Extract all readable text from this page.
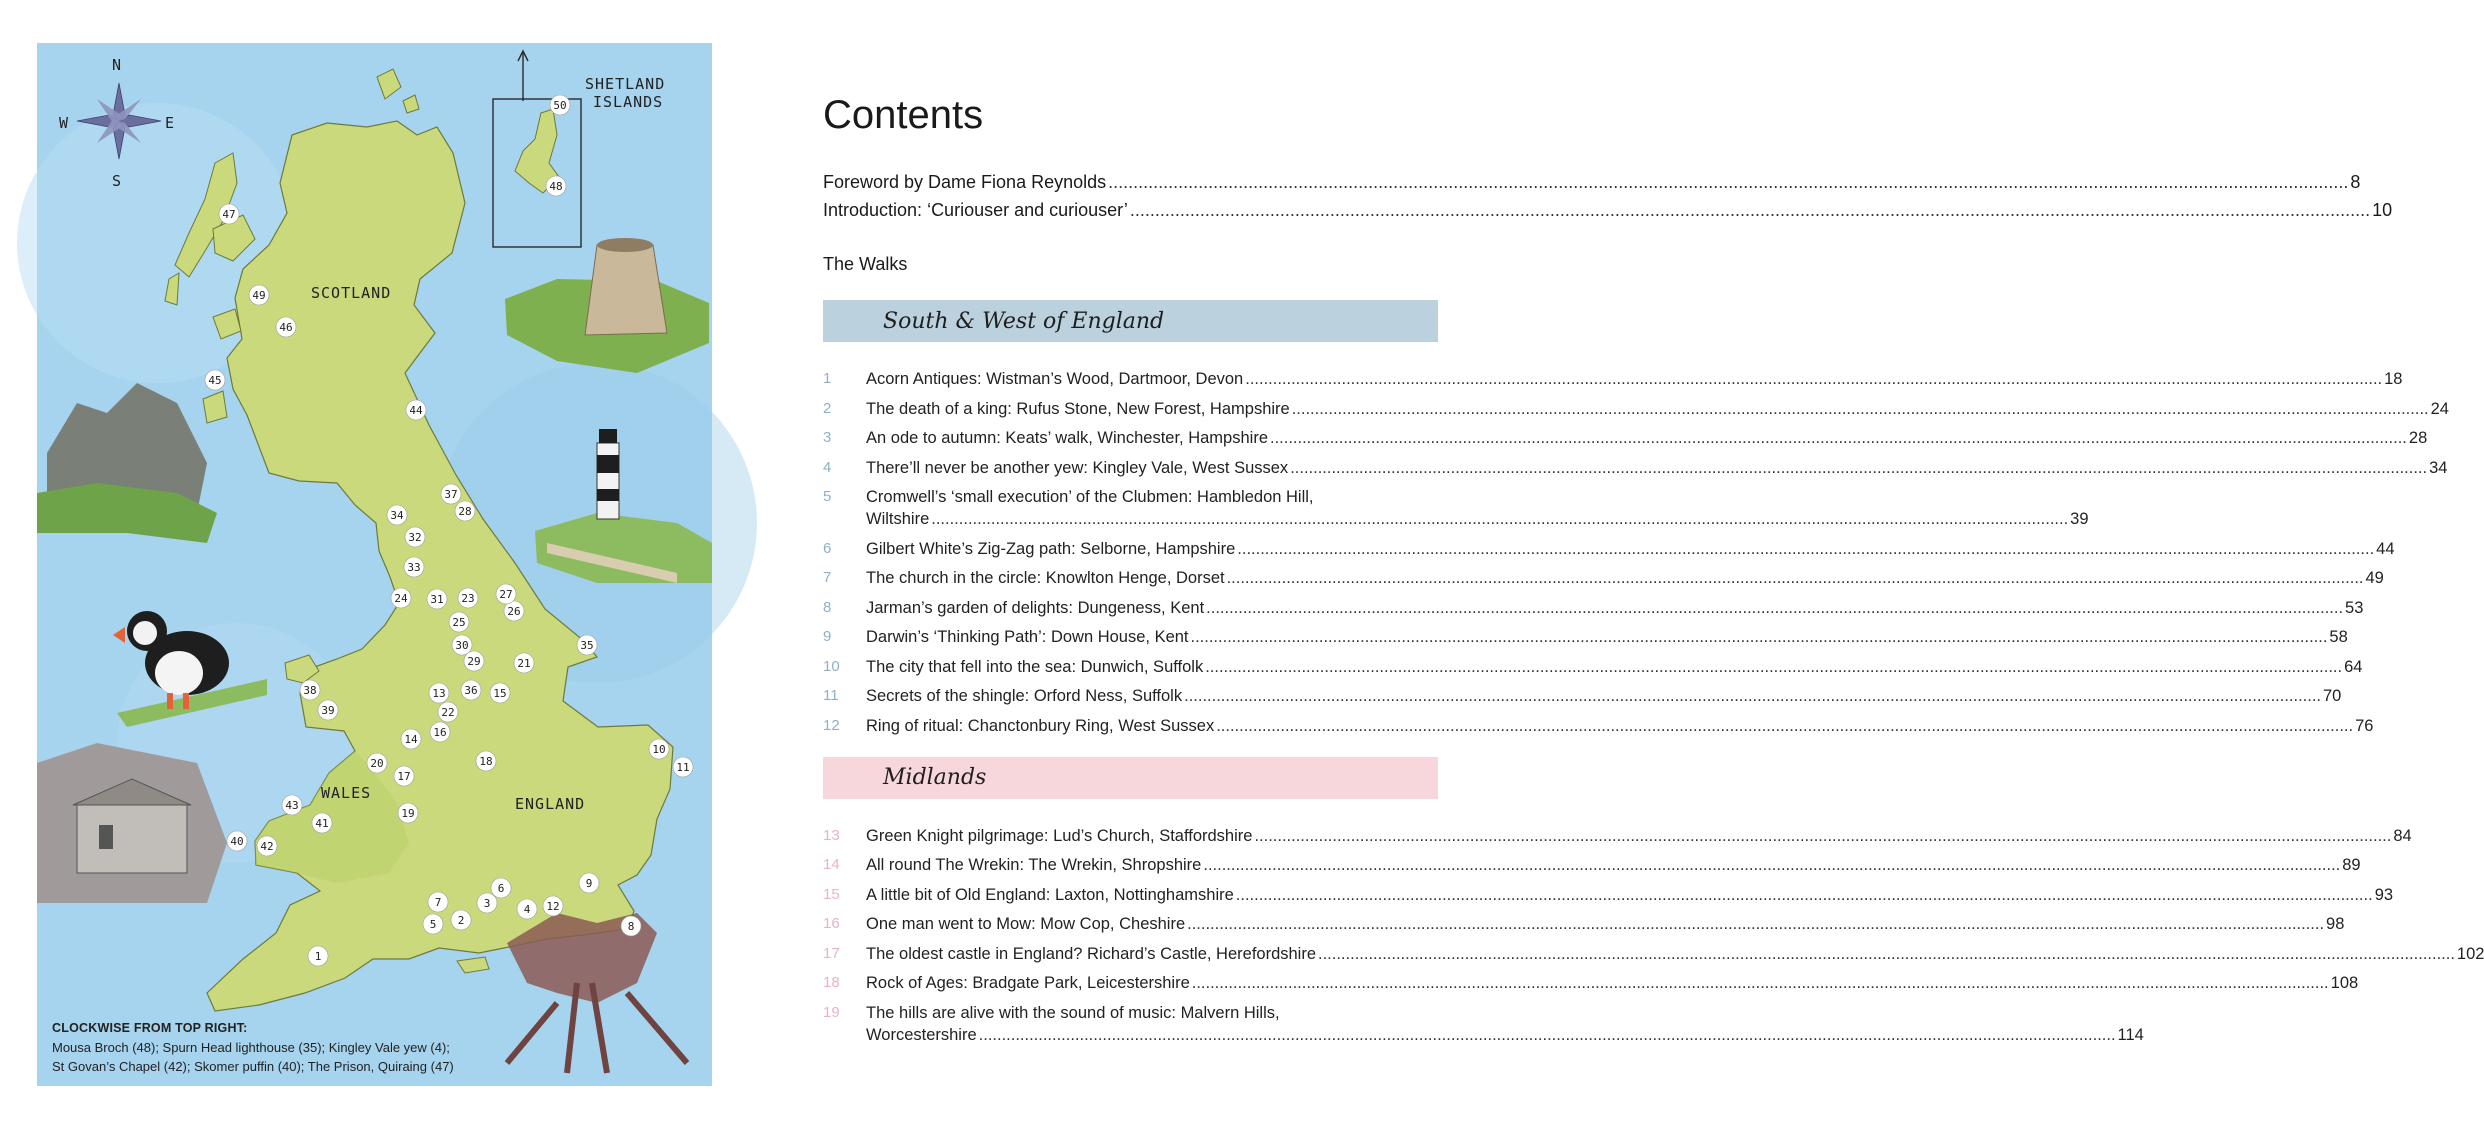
SHETLAND
ISLANDS
N
S
E
W
SCOTLAND
WALES
ENGLAND
1
2
3	4
5
6
7
8
9
10
11
12
13
14
15
16
17
18
19
20
21
22
23
24
25
26
27
28
29
30
31
32
33
34
35
36
37
38
39
40
41
42
43
44
45
46
47
48
49
50
CLOCKWISE FROM TOP RIGHT:
Mousa Broch (48); Spurn Head lighthouse (35); Kingley Vale yew (4);
St Govan’s Chapel (42); Skomer puffin (40); The Prison, Quiraing (47)
Contents
Foreword by Dame Fiona Reynolds .....	8
Introduction: ‘Curiouser and curiouser’ .....	10
The Walks
South & West of England
1	Acorn Antiques: Wistman’s Wood, Dartmoor, Devon .....	18
2	The death of a king: Rufus Stone, New Forest, Hampshire .....	24
3	An ode to autumn: Keats’ walk, Winchester, Hampshire .....	28
4	There’ll never be another yew: Kingley Vale, West Sussex .....	34
5	Cromwell’s ‘small execution’ of the Clubmen: Hambledon Hill,
Wiltshire .....	39
6	Gilbert White’s Zig-Zag path: Selborne, Hampshire .....	44
7	The church in the circle: Knowlton Henge, Dorset .....	49
8	Jarman’s garden of delights: Dungeness, Kent .....	53
9	Darwin’s ‘Thinking Path’: Down House, Kent .....	58
10	The city that fell into the sea: Dunwich, Suffolk .....	64
11	Secrets of the shingle: Orford Ness, Suffolk .....	70
12	Ring of ritual: Chanctonbury Ring, West Sussex .....	76
Midlands
13	Green Knight pilgrimage: Lud’s Church, Staffordshire .....	84
14	All round The Wrekin: The Wrekin, Shropshire .....	89
15	A little bit of Old England: Laxton, Nottinghamshire .....	93
16	One man went to Mow: Mow Cop, Cheshire .....	98
17	The oldest castle in England? Richard’s Castle, Herefordshire .....	102
18	Rock of Ages: Bradgate Park, Leicestershire .....	108
19	The hills are alive with the sound of music: Malvern Hills,
Worcestershire .....	114
